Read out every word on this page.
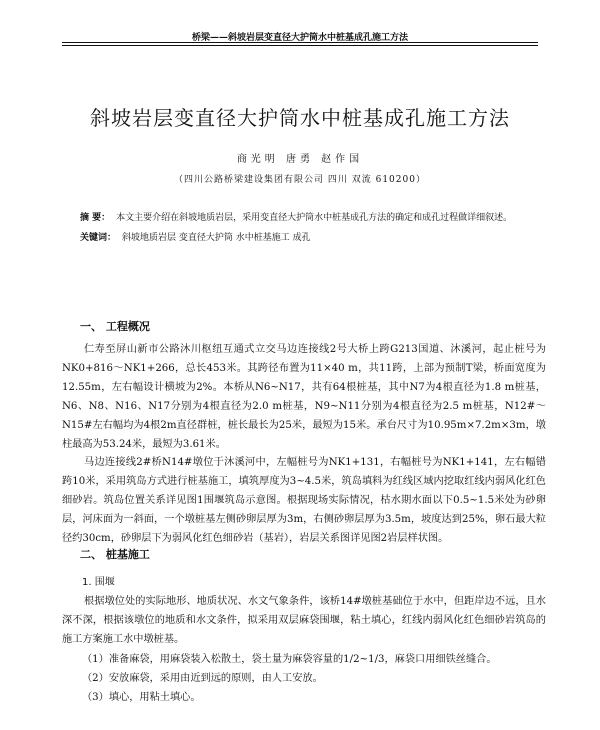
桥梁——斜坡岩层变直径大护筒水中桩基成孔施工方法
斜坡岩层变直径大护筒水中桩基成孔施工方法
商光明 唐勇 赵作国
（四川公路桥梁建设集团有限公司 四川 双流 610200）
摘 要： 本文主要介绍在斜坡地质岩层，采用变直径大护筒水中桩基成孔方法的确定和成孔过程做详细叙述。
关键词： 斜坡地质岩层 变直径大护筒 水中桩基施工 成孔
一、 工程概况
仁寿至屏山新市公路沐川枢纽互通式立交马边连接线2号大桥上跨G213国道、沐溪河，起止桩号为NK0+816～NK1+266，总长453米。其跨径布置为11×40 m，共11跨，上部为预制T梁，桥面宽度为12.55m，左右幅设计横坡为2%。本桥从N6~N17，共有64根桩基，其中N7为4根直径为1.8 m桩基，N6、N8、N16、N17分别为4根直径为2.0 m桩基，N9~N11分别为4根直径为2.5 m桩基，N12#～N15#左右幅均为4根2m直径群桩，桩长最长为25米，最短为15米。承台尺寸为10.95m×7.2m×3m，墩柱最高为53.24米，最短为3.61米。
马边连接线2#桥N14#墩位于沐溪河中，左幅桩号为NK1+131，右幅桩号为NK1+141，左右幅错跨10米，采用筑岛方式进行桩基施工，填筑厚度为3~4.5米，筑岛填料为红线区域内挖取红线内弱风化红色细砂岩。筑岛位置关系详见图1围堰筑岛示意图。根据现场实际情况，枯水期水面以下0.5~1.5米处为砂卵层，河床面为一斜面，一个墩桩基左侧砂卵层厚为3m，右侧砂卵层厚为3.5m，坡度达到25%，卵石最大粒径约30cm，砂卵层下为弱风化红色细砂岩（基岩），岩层关系图详见图2岩层样状图。
二、 桩基施工
1. 围堰
根据墩位处的实际地形、地质状况、水文气象条件，该桥14#墩桩基础位于水中，但距岸边不远，且水深不深，根据该墩位的地质和水文条件，拟采用双层麻袋围堰，粘土填心，红线内弱风化红色细砂岩筑岛的施工方案施工水中墩桩基。
（1）准备麻袋，用麻袋装入松散土，袋土量为麻袋容量的1/2~1/3，麻袋口用细铁丝缝合。
（2）安放麻袋，采用由近到远的原则，由人工安放。
（3）填心，用粘土填心。
